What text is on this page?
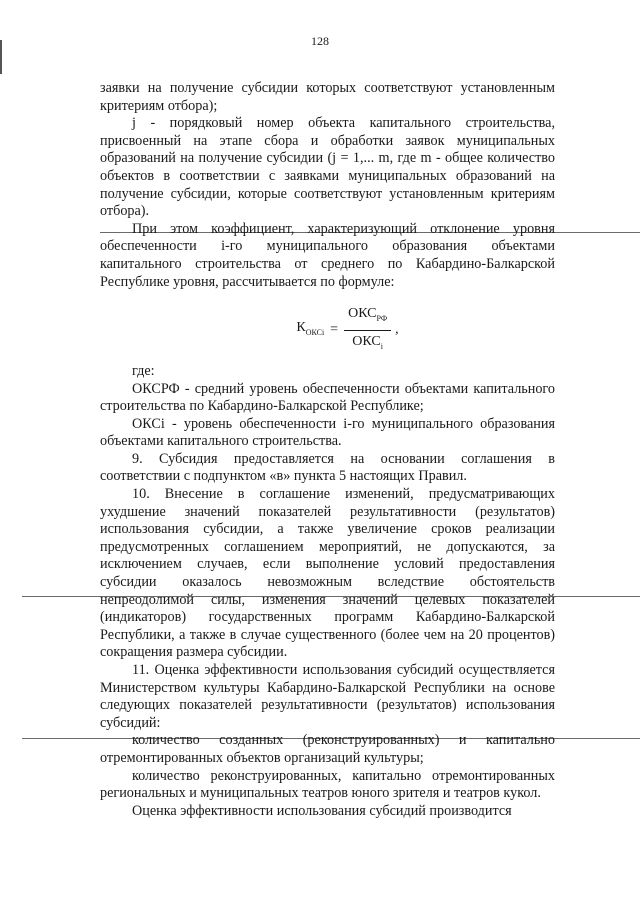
128

заявки на получение субсидии которых соответствуют установленным критериям отбора);

j - порядковый номер объекта капитального строительства, присвоенный на этапе сбора и обработки заявок муниципальных образований на получение субсидии (j = 1,... m, где m - общее количество объектов в соответствии с заявками муниципальных образований на получение субсидии, которые соответствуют установленным критериям отбора).

При этом коэффициент, характеризующий отклонение уровня обеспеченности i-го муниципального образования объектами капитального строительства от среднего по Кабардино-Балкарской Республике уровня, рассчитывается по формуле:

$К_{ОКСi} = \frac{ОКС_{РФ}}{ОКС_i}$ ,

где:

ОКСРФ - средний уровень обеспеченности объектами капитального строительства по Кабардино-Балкарской Республике;

ОКСi - уровень обеспеченности i-го муниципального образования объектами капитального строительства.

9. Субсидия предоставляется на основании соглашения в соответствии с подпунктом «в» пункта 5 настоящих Правил.

10. Внесение в соглашение изменений, предусматривающих ухудшение значений показателей результативности (результатов) использования субсидии, а также увеличение сроков реализации предусмотренных соглашением мероприятий, не допускаются, за исключением случаев, если выполнение условий предоставления субсидии оказалось невозможным вследствие обстоятельств непреодолимой силы, изменения значений целевых показателей (индикаторов) государственных программ Кабардино-Балкарской Республики, а также в случае существенного (более чем на 20 процентов) сокращения размера субсидии.

11. Оценка эффективности использования субсидий осуществляется Министерством культуры Кабардино-Балкарской Республики на основе следующих показателей результативности (результатов) использования субсидий:

количество созданных (реконструированных) и капитально отремонтированных объектов организаций культуры;

количество реконструированных, капитально отремонтированных региональных и муниципальных театров юного зрителя и театров кукол.

Оценка эффективности использования субсидий производится
